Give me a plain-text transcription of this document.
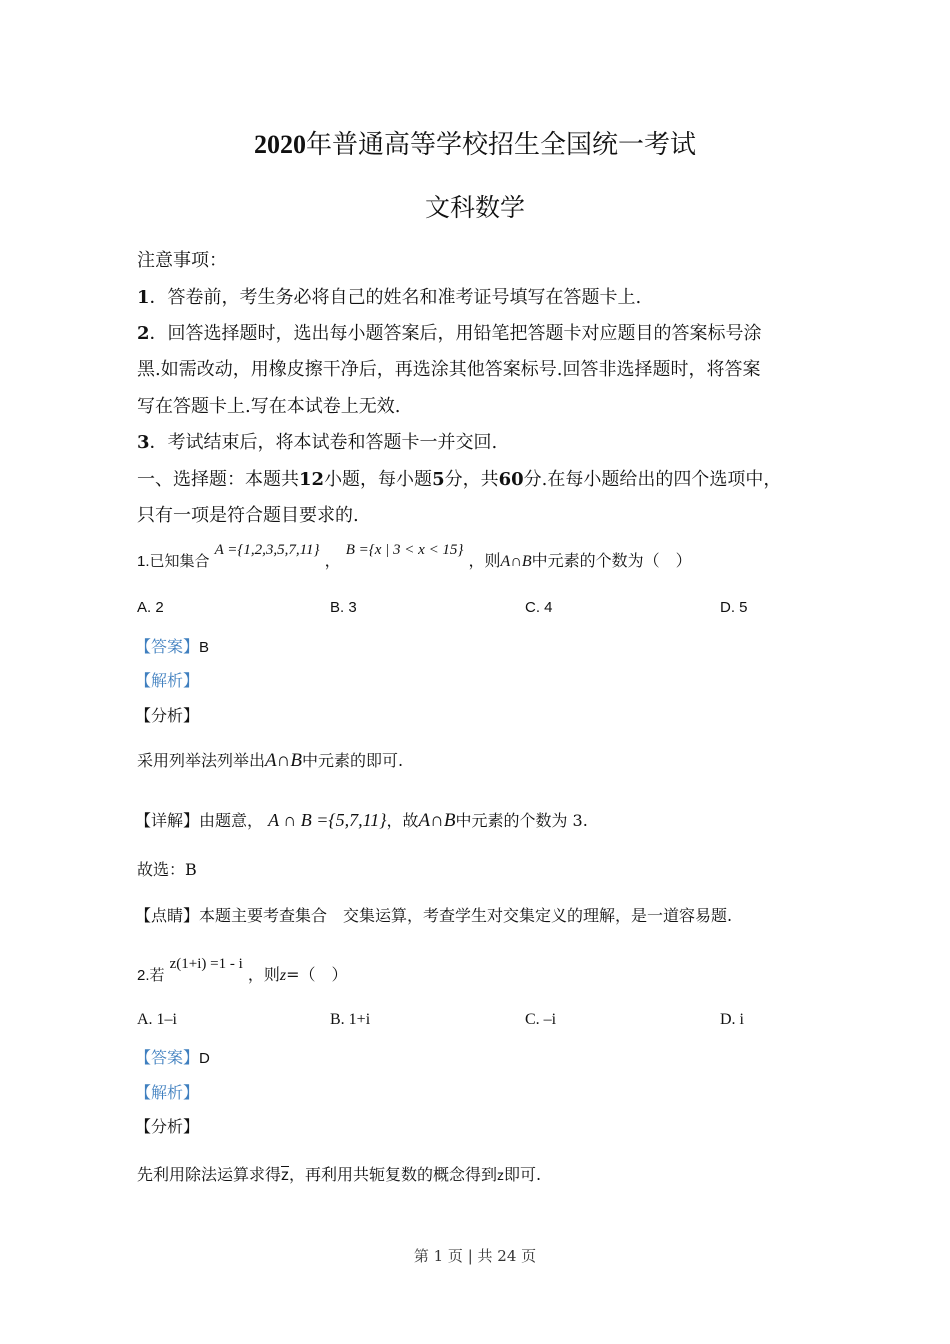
2020年普通高等学校招生全国统一考试
文科数学
注意事项：
1．答卷前，考生务必将自己的姓名和准考证号填写在答题卡上.
2．回答选择题时，选出每小题答案后，用铅笔把答题卡对应题目的答案标号涂
黑.如需改动，用橡皮擦干净后，再选涂其他答案标号.回答非选择题时，将答案
写在答题卡上.写在本试卷上无效.
3．考试结束后，将本试卷和答题卡一并交回.
一、选择题：本题共12小题，每小题5分，共60分.在每小题给出的四个选项中，
只有一项是符合题目要求的.
1.已知集合 A ={1,2,3,5,7,11} ， B ={x | 3 < x < 15} ，则A∩B中元素的个数为（　）
A. 2	B. 3	C. 4	D. 5
【答案】B
【解析】
【分析】
采用列举法列举出A∩B中元素的即可.
【详解】由题意， A ∩ B ={5,7,11}，故A∩B中元素的个数为 3.
故选：B
【点睛】本题主要考查集合　交集运算，考查学生对交集定义的理解，是一道容易题.
2.若 z(1+i) =1 - i ，则z=（　）
A. 1–i	B. 1+i	C. –i	D. i
【答案】D
【解析】
【分析】
先利用除法运算求得$\overline{z}$，再利用共轭复数的概念得到z即可.
第 1 页 | 共 24 页
